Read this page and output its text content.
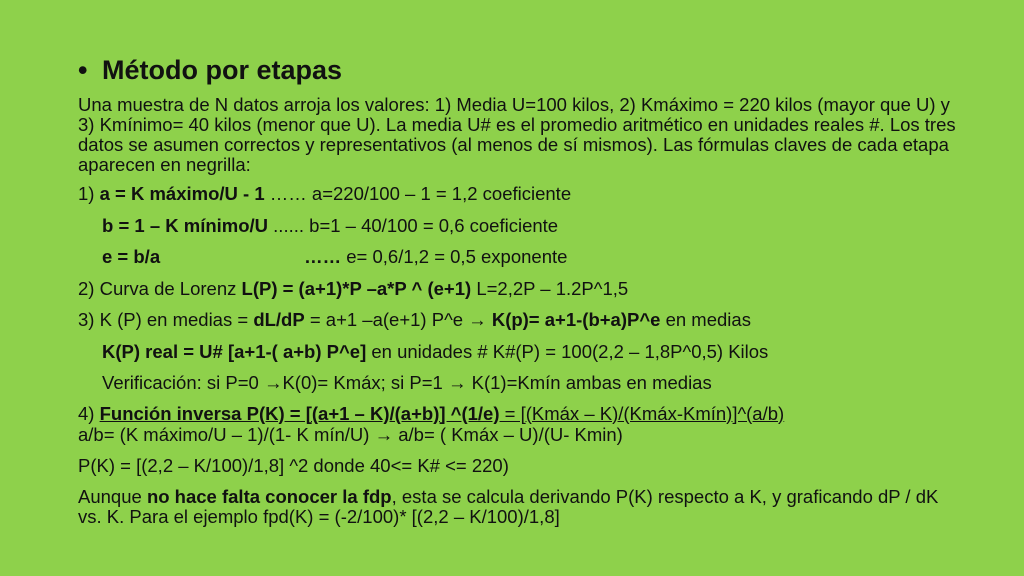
• Método por etapas

Una muestra de N datos arroja los valores: 1) Media U=100 kilos, 2) Kmáximo = 220 kilos (mayor que U) y 3) Kmínimo= 40 kilos (menor que U). La media U# es el promedio aritmético en unidades reales #. Los tres datos se asumen correctos y representativos (al menos de sí mismos). Las fórmulas claves de cada etapa aparecen en negrilla:

1) a = K máximo/U - 1 …… a=220/100 – 1 = 1,2 coeficiente
b = 1 – K mínimo/U ...... b=1 – 40/100 = 0,6 coeficiente
e = b/a	…… e= 0,6/1,2 = 0,5 exponente
2) Curva de Lorenz L(P) = (a+1)*P –a*P ^ (e+1) L=2,2P – 1.2P^1,5
3) K (P) en medias = dL/dP = a+1 –a(e+1) P^e → K(p)= a+1-(b+a)P^e en medias
K(P) real = U# [a+1-( a+b) P^e] en unidades # K#(P) = 100(2,2 – 1,8P^0,5) Kilos
Verificación: si P=0 →K(0)= Kmáx; si P=1 → K(1)=Kmín ambas en medias
4) Función inversa P(K) = [(a+1 – K)/(a+b)] ^(1/e) = [(Kmáx – K)/(Kmáx-Kmín)]^(a/b)
a/b= (K máximo/U – 1)/(1- K mín/U) → a/b= ( Kmáx – U)/(U- Kmin)
P(K) = [(2,2 – K/100)/1,8] ^2 donde 40<= K# <= 220)

Aunque no hace falta conocer la fdp, esta se calcula derivando P(K) respecto a K, y graficando dP / dK vs. K. Para el ejemplo fpd(K) = (-2/100)* [(2,2 – K/100)/1,8]
